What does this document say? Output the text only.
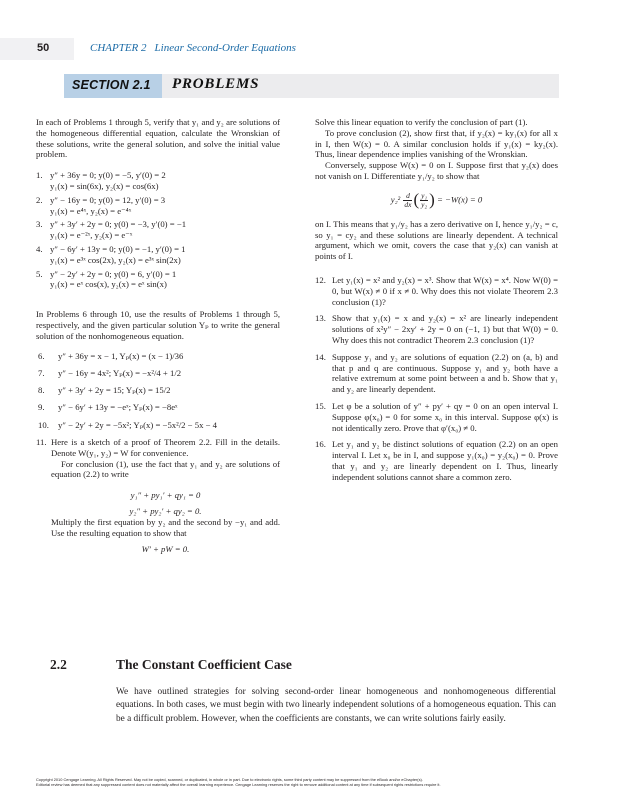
50	CHAPTER 2 Linear Second-Order Equations
SECTION 2.1 PROBLEMS

In each of Problems 1 through 5, verify that y₁ and y₂ are solutions of the homogeneous differential equation, calculate the Wronskian of these solutions, write the general solution, and solve the initial value problem.

1. y″ + 36y = 0; y(0) = −5, y′(0) = 2
y₁(x) = sin(6x), y₂(x) = cos(6x)
2. y″ − 16y = 0; y(0) = 12, y′(0) = 3
y₁(x) = e⁴ˣ, y₂(x) = e⁻⁴ˣ
3. y″ + 3y′ + 2y = 0; y(0) = −3, y′(0) = −1
y₁(x) = e⁻²ˣ, y₂(x) = e⁻ˣ
4. y″ − 6y′ + 13y = 0; y(0) = −1, y′(0) = 1
y₁(x) = e³ˣ cos(2x), y₂(x) = e³ˣ sin(2x)
5. y″ − 2y′ + 2y = 0; y(0) = 6, y′(0) = 1
y₁(x) = eˣ cos(x), y₂(x) = eˣ sin(x)

In Problems 6 through 10, use the results of Problems 1 through 5, respectively, and the given particular solution Yₚ to write the general solution of the nonhomogeneous equation.

6. y″ + 36y = x − 1, Yₚ(x) = (x − 1)/36
7. y″ − 16y = 4x²; Yₚ(x) = −x²/4 + 1/2
8. y″ + 3y′ + 2y = 15; Yₚ(x) = 15/2
9. y″ − 6y′ + 13y = −eˣ; Yₚ(x) = −8eˣ
10. y″ − 2y′ + 2y = −5x²; Yₚ(x) = −5x²/2 − 5x − 4
11. Here is a sketch of a proof of Theorem 2.2. Fill in the details. Denote W(y₁, y₂) = W for convenience.

For conclusion (1), use the fact that y₁ and y₂ are solutions of equation (2.2) to write

y₁″ + py₁′ + qy₁ = 0
y₂″ + py₂′ + qy₂ = 0.

Multiply the first equation by y₂ and the second by −y₁ and add. Use the resulting equation to show that

W′ + pW = 0.

Solve this linear equation to verify the conclusion of part (1).

To prove conclusion (2), show first that, if y₂(x) = ky₁(x) for all x in I, then W(x) = 0. A similar conclusion holds if y₁(x) = ky₂(x). Thus, linear dependence implies vanishing of the Wronskian.

Conversely, suppose W(x) = 0 on I. Suppose first that y₂(x) does not vanish on I. Differentiate y₁/y₂ to show that

$y_2^2 \frac{d}{dx}$ ( $\frac{\text{y₁}}{\text{y₂}}$ ) = −W(x) = 0

on I. This means that y₁/y₂ has a zero derivative on I, hence y₁/y₂ = c, so y₁ = cy₂ and these solutions are linearly dependent. A technical argument, which we omit, covers the case that y₂(x) can vanish at points of I.

12. Let y₁(x) = x² and y₂(x) = x³. Show that W(x) = x⁴. Now W(0) = 0, but W(x) ≠ 0 if x ≠ 0. Why does this not violate Theorem 2.3 conclusion (1)?
13. Show that y₁(x) = x and y₂(x) = x² are linearly independent solutions of x²y″ − 2xy′ + 2y = 0 on (−1, 1) but that W(0) = 0. Why does this not contradict Theorem 2.3 conclusion (1)?
14. Suppose y₁ and y₂ are solutions of equation (2.2) on (a, b) and that p and q are continuous. Suppose y₁ and y₂ both have a relative extremum at some point between a and b. Show that y₁ and y₂ are linearly dependent.
15. Let φ be a solution of y″ + py′ + qy = 0 on an open interval I. Suppose φ(x₀) = 0 for some x₀ in this interval. Suppose φ(x) is not identically zero. Prove that φ′(x₀) ≠ 0.
16. Let y₁ and y₂ be distinct solutions of equation (2.2) on an open interval I. Let x₀ be in I, and suppose y₁(x₀) = y₂(x₀) = 0. Prove that y₁ and y₂ are linearly dependent on I. Thus, linearly independent solutions cannot share a common zero.
2.2	The Constant Coefficient Case
We have outlined strategies for solving second-order linear homogeneous and nonhomogeneous differential equations. In both cases, we must begin with two linearly independent solutions of a homogeneous equation. This can be a difficult problem. However, when the coefficients are constants, we can write solutions fairly easily.
Copyright 2010 Cengage Learning. All Rights Reserved. May not be copied, scanned, or duplicated, in whole or in part. Due to electronic rights, some third party content may be suppressed from the eBook and/or eChapter(s).
Editorial review has deemed that any suppressed content does not materially affect the overall learning experience. Cengage Learning reserves the right to remove additional content at any time if subsequent rights restrictions require it.
